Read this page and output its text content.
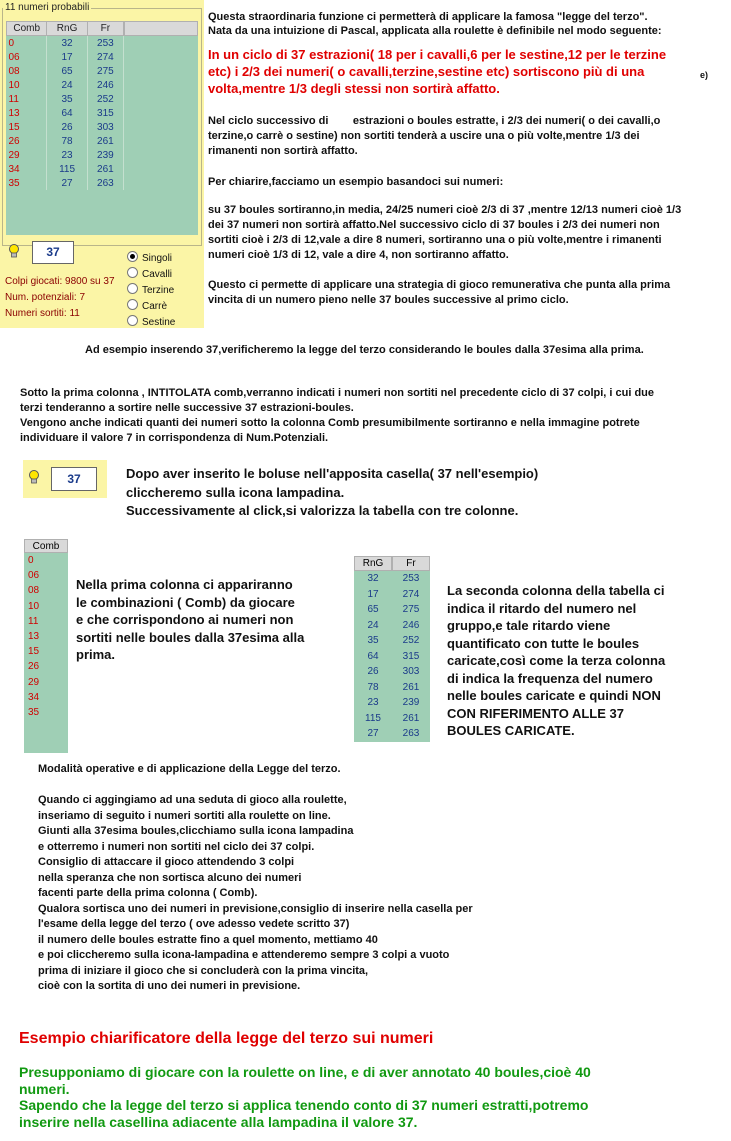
11 numeri probabili
Comb	RnG	Fr
0	32	253
06	17	274
08	65	275
10	24	246
11	35	252
13	64	315
15	26	303
26	78	261
29	23	239
34	115	261
35	27	263
37
Colpi giocati: 9800 su 37
Num. potenziali: 7
Numeri sortiti: 11
Singoli
Cavalli
Terzine
Carrè
Sestine
Questa straordinaria funzione ci permetterà di applicare la famosa "legge del terzo".
Nata da una intuizione di Pascal, applicata alla roulette è definibile nel modo seguente:
In un ciclo di 37 estrazioni( 18 per i cavalli,6 per le sestine,12 per le terzine
etc) i 2/3 dei numeri( o cavalli,terzine,sestine etc) sortiscono più di una	e)
volta,mentre 1/3 degli stessi non sortirà affatto.
Nel ciclo successivo di        estrazioni o boules estratte, i 2/3 dei numeri( o dei cavalli,o
terzine,o carrè o sestine) non sortiti tenderà a uscire una o più volte,mentre 1/3 dei
rimanenti non sortirà affatto.
Per chiarire,facciamo un esempio basandoci sui numeri:
su 37 boules sortiranno,in media, 24/25 numeri cioè 2/3 di 37 ,mentre 12/13 numeri cioè 1/3
dei 37 numeri non sortirà affatto.Nel successivo ciclo di 37 boules i 2/3 dei numeri non
sortiti cioè i 2/3 di 12,vale a dire 8 numeri, sortiranno una o più volte,mentre i rimanenti
numeri cioè 1/3 di 12, vale a dire 4, non sortiranno affatto.
Questo ci permette di applicare una strategia di gioco remunerativa che punta alla prima
vincita di un numero pieno nelle 37 boules successive al primo ciclo.
Ad esempio inserendo 37,verificheremo la legge del terzo considerando le boules dalla 37esima alla prima.
Sotto la prima colonna , INTITOLATA comb,verranno indicati i numeri non sortiti nel precedente ciclo di 37 colpi, i cui due
terzi tenderanno a sortire nelle successive 37 estrazioni-boules.
Vengono anche indicati quanti dei numeri sotto la colonna Comb presumibilmente sortiranno e nella immagine potrete
individuare il valore 7 in corrispondenza di Num.Potenziali.
37	Dopo aver inserito le boluse nell'apposita casella( 37 nell'esempio)
cliccheremo sulla icona lampadina.
Successivamente al click,si valorizza la tabella con tre colonne.
Comb
0
06
08
10
11
13
15
26
29
34
35
Nella prima colonna ci appariranno
le combinazioni ( Comb) da giocare
e che corrispondono ai numeri non
sortiti nelle boules dalla 37esima alla
prima.
RnG	Fr
32	253
17	274
65	275
24	246
35	252
64	315
26	303
78	261
23	239
115	261
27	263
La seconda colonna della tabella ci
indica il ritardo del numero nel
gruppo,e tale ritardo viene
quantificato con tutte le boules
caricate,così come la terza colonna
di indica la frequenza del numero
nelle boules caricate e quindi NON
CON RIFERIMENTO ALLE 37
BOULES CARICATE.
Modalità operative e di applicazione della Legge del terzo.
Quando ci aggingiamo ad una seduta di gioco alla roulette,
inseriamo di seguito i numeri sortiti alla roulette on line.
Giunti alla 37esima boules,clicchiamo sulla icona lampadina
e otterremo i numeri non sortiti nel ciclo dei 37 colpi.
Consiglio di attaccare il gioco attendendo 3 colpi
nella speranza che non sortisca alcuno dei numeri
facenti parte della prima colonna ( Comb).
Qualora sortisca uno dei numeri in previsione,consiglio di inserire nella casella per
l'esame della legge del terzo ( ove adesso vedete scritto 37)
il numero delle boules estratte fino a quel momento, mettiamo 40
e poi cliccheremo sulla icona-lampadina e attenderemo sempre 3 colpi a vuoto
prima di iniziare il gioco che si concluderà con la prima vincita,
cioè con la sortita di uno dei numeri in previsione.
Esempio chiarificatore della legge del terzo sui numeri
Presupponiamo di giocare con la roulette on line, e di aver annotato 40 boules,cioè 40
numeri.
Sapendo che la legge del terzo si applica tenendo conto di 37 numeri estratti,potremo
inserire nella casellina adiacente alla lampadina il valore 37.
